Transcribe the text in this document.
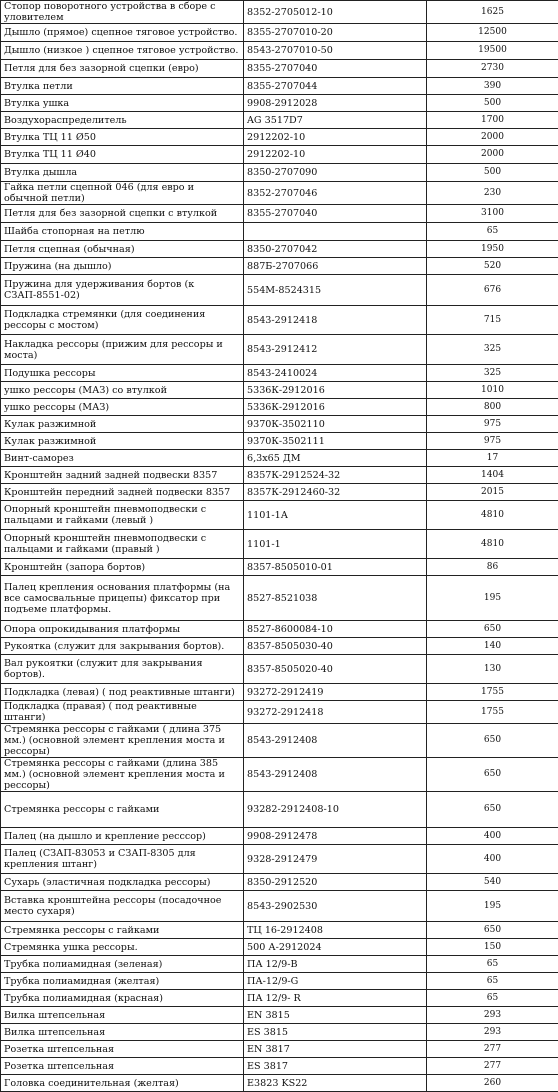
Стопор поворотного устройства в сборе с уловителем	8352-2705012-10	1625
Дышло (прямое) сцепное тяговое устройство.	8355-2707010-20	12500
Дышло (низкое ) сцепное тяговое устройство.	8543-2707010-50	19500
Петля для без зазорной сцепки (евро)	8355-2707040	2730
Втулка петли	8355-2707044	390
Втулка ушка	9908-2912028	500
Воздухораспределитель	AG 3517D7	1700
Втулка ТЦ 11 Ø50	2912202-10	2000
Втулка ТЦ 11 Ø40	2912202-10	2000
Втулка дышла	8350-2707090	500
Гайка петли сцепной 046 (для евро и обычной петли)	8352-2707046	230
Петля для без зазорной сцепки с втулкой	8355-2707040	3100
Шайба стопорная на петлю		65
Петля сцепная (обычная)	8350-2707042	1950
Пружина (на дышло)	887Б-2707066	520
Пружина для удерживания бортов (к СЗАП-8551-02)	554М-8524315	676
Подкладка стремянки (для соединения рессоры с мостом)	8543-2912418	715
Накладка рессоры (прижим для рессоры и моста)	8543-2912412	325
Подушка рессоры	8543-2410024	325
ушко рессоры (МАЗ) со втулкой	5336К-2912016	1010
ушко рессоры (МАЗ)	5336К-2912016	800
Кулак разжимной	9370К-3502110	975
Кулак разжимной	9370К-3502111	975
Винт-саморез	6,3х65 ДМ	17
Кронштейн задний задней подвески 8357	8357К-2912524-32	1404
Кронштейн передний задней подвески 8357	8357К-2912460-32	2015
Опорный кронштейн пневмоподвески с пальцами и гайками (левый )	1101-1А	4810
Опорный кронштейн пневмоподвески с пальцами и гайками (правый )	1101-1	4810
Кронштейн (запора бортов)	8357-8505010-01	86
Палец крепления основания платформы (на все самосвальные прицепы) фиксатор при подъеме платформы.	8527-8521038	195
Опора опрокидывания платформы	8527-8600084-10	650
Рукоятка (служит для закрывания бортов).	8357-8505030-40	140
Вал рукоятки (служит для закрывания бортов).	8357-8505020-40	130
Подкладка (левая) ( под реактивные штанги)	93272-2912419	1755
Подкладка (правая) ( под реактивные штанги)	93272-2912418	1755
Стремянка рессоры с гайками ( длина 375 мм.) (основной элемент крепления моста и рессоры)	8543-2912408	650
Стремянка рессоры с гайками (длина 385 мм.) (основной элемент крепления моста и рессоры)	8543-2912408	650
Стремянка рессоры с гайками	93282-2912408-10	650
Палец (на дышло и крепление ресссор)	9908-2912478	400
Палец (СЗАП-83053 и СЗАП-8305 для крепления штанг)	9328-2912479	400
Сухарь (эластичная подкладка рессоры)	8350-2912520	540
Вставка кронштейна рессоры (посадочное место сухаря)	8543-2902530	195
Стремянка рессоры с гайками	ТЦ 16-2912408	650
Стремянка ушка рессоры.	500 А-2912024	150
Трубка полиамидная (зеленая)	ПА 12/9-В	65
Трубка полиамидная (желтая)	ПА-12/9-G	65
Трубка полиамидная (красная)	ПА 12/9- R	65
Вилка штепсельная	EN 3815	293
Вилка штепсельная	ES 3815	293
Розетка штепсельная	EN 3817	277
Розетка штепсельная	ES 3817	277
Головка соединительная (желтая)	E3823 KS22	260
